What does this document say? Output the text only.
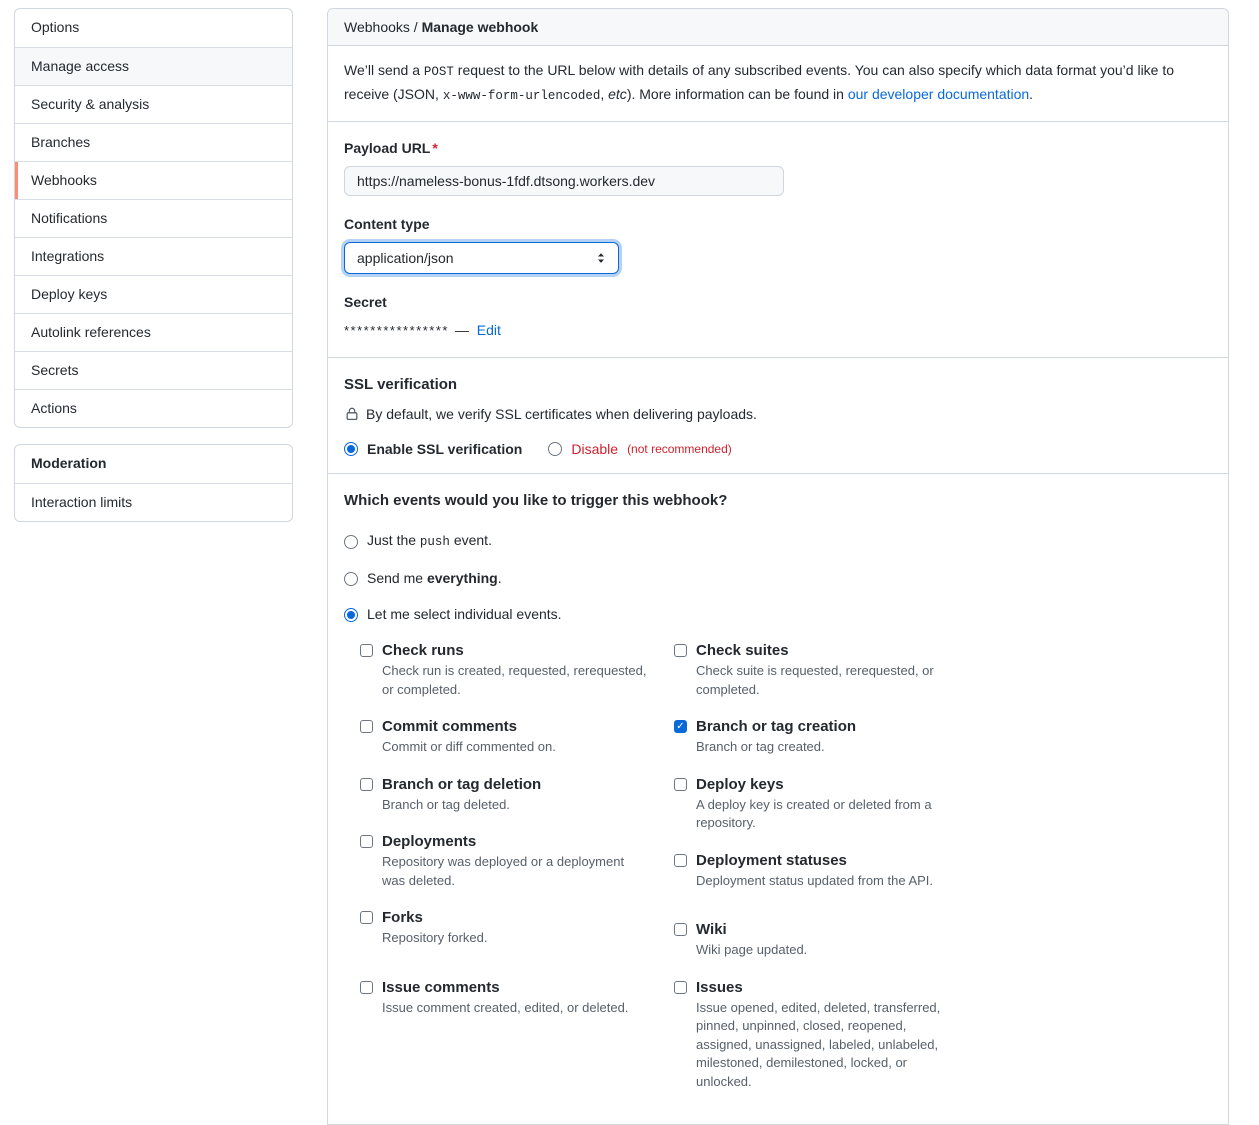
Options
Manage access
Security & analysis
Branches
Webhooks
Notifications
Integrations
Deploy keys
Autolink references
Secrets
Actions
Moderation
Interaction limits
Webhooks / Manage webhook
We’ll send a POST request to the URL below with details of any subscribed events. You can also specify which data format you’d like to receive (JSON, x-www-form-urlencoded, etc). More information can be found in our developer documentation.
Payload URL *
https://nameless-bonus-1fdf.dtsong.workers.dev
Content type
application/json
Secret
**************** — Edit
SSL verification
By default, we verify SSL certificates when delivering payloads.
Enable SSL verification	Disable (not recommended)
Which events would you like to trigger this webhook?
Just the push event.
Send me everything.
Let me select individual events.
Check runs
Check run is created, requested, rerequested, or completed.
Commit comments
Commit or diff commented on.
Branch or tag deletion
Branch or tag deleted.
Deployments
Repository was deployed or a deployment was deleted.
Forks
Repository forked.
Issue comments
Issue comment created, edited, or deleted.
Check suites
Check suite is requested, rerequested, or completed.
✓ Branch or tag creation
Branch or tag created.
Deploy keys
A deploy key is created or deleted from a repository.
Deployment statuses
Deployment status updated from the API.
Wiki
Wiki page updated.
Issues
Issue opened, edited, deleted, transferred, pinned, unpinned, closed, reopened, assigned, unassigned, labeled, unlabeled, milestoned, demilestoned, locked, or unlocked.
